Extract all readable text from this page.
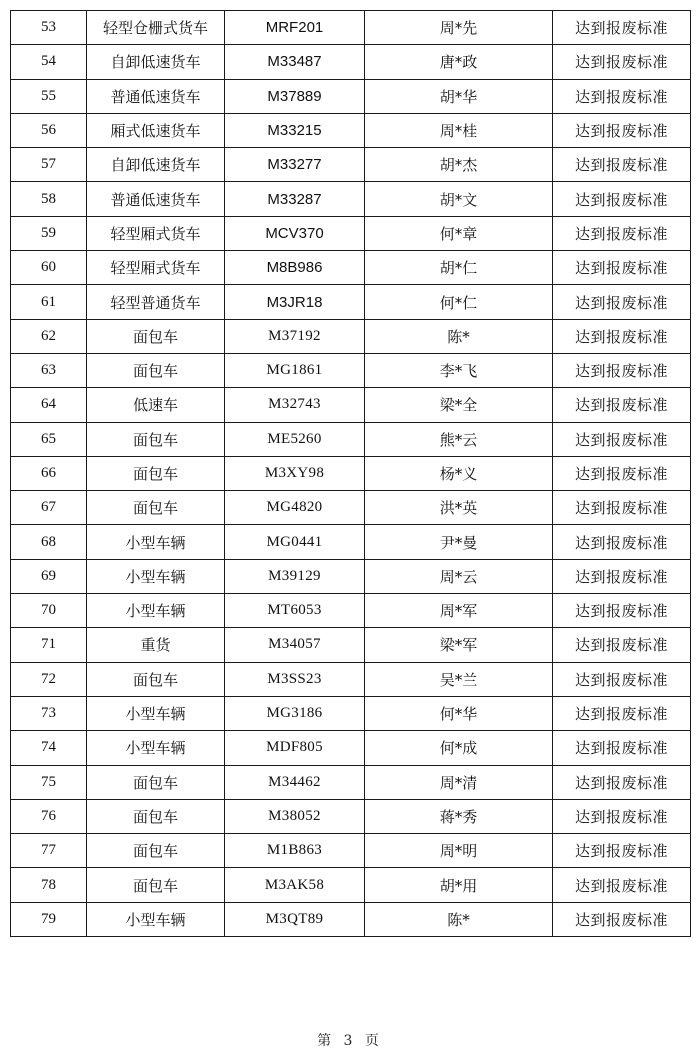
53	轻型仓栅式货车	MRF201	周*先	达到报废标准
54	自卸低速货车	M33487	唐*政	达到报废标准
55	普通低速货车	M37889	胡*华	达到报废标准
56	厢式低速货车	M33215	周*桂	达到报废标准
57	自卸低速货车	M33277	胡*杰	达到报废标准
58	普通低速货车	M33287	胡*文	达到报废标准
59	轻型厢式货车	MCV370	何*章	达到报废标准
60	轻型厢式货车	M8B986	胡*仁	达到报废标准
61	轻型普通货车	M3JR18	何*仁	达到报废标准
62	面包车	M37192	陈*	达到报废标准
63	面包车	MG1861	李*飞	达到报废标准
64	低速车	M32743	梁*全	达到报废标准
65	面包车	ME5260	熊*云	达到报废标准
66	面包车	M3XY98	杨*义	达到报废标准
67	面包车	MG4820	洪*英	达到报废标准
68	小型车辆	MG0441	尹*曼	达到报废标准
69	小型车辆	M39129	周*云	达到报废标准
70	小型车辆	MT6053	周*军	达到报废标准
71	重货	M34057	梁*军	达到报废标准
72	面包车	M3SS23	吴*兰	达到报废标准
73	小型车辆	MG3186	何*华	达到报废标准
74	小型车辆	MDF805	何*成	达到报废标准
75	面包车	M34462	周*清	达到报废标准
76	面包车	M38052	蒋*秀	达到报废标准
77	面包车	M1B863	周*明	达到报废标准
78	面包车	M3AK58	胡*用	达到报废标准
79	小型车辆	M3QT89	陈*	达到报废标准
第 3 页
